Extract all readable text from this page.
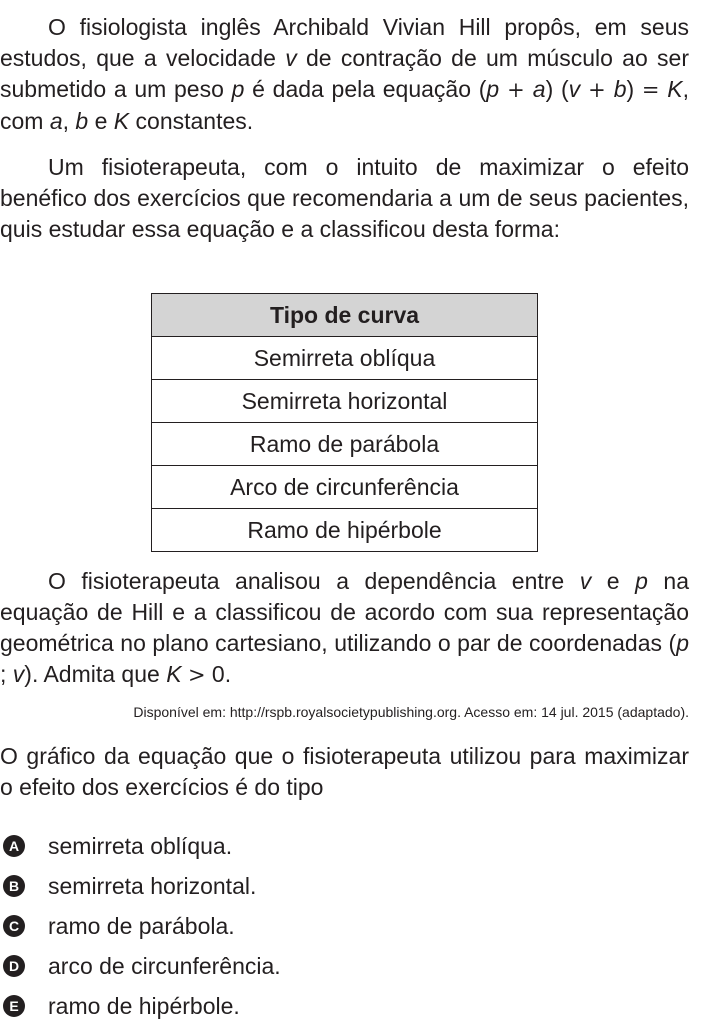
O fisiologista inglês Archibald Vivian Hill propôs, em seus estudos, que a velocidade v de contração de um músculo ao ser submetido a um peso p é dada pela equação (p + a) (v + b) = K, com a, b e K constantes.

Um fisioterapeuta, com o intuito de maximizar o efeito benéfico dos exercícios que recomendaria a um de seus pacientes, quis estudar essa equação e a classificou desta forma:

Tipo de curva
Semirreta oblíqua
Semirreta horizontal
Ramo de parábola
Arco de circunferência
Ramo de hipérbole

O fisioterapeuta analisou a dependência entre v e p na equação de Hill e a classificou de acordo com sua representação geométrica no plano cartesiano, utilizando o par de coordenadas (p ; v). Admita que K > 0.

Disponível em: http://rspb.royalsocietypublishing.org. Acesso em: 14 jul. 2015 (adaptado).

O gráfico da equação que o fisioterapeuta utilizou para maximizar o efeito dos exercícios é do tipo

A semirreta oblíqua.
B semirreta horizontal.
C ramo de parábola.
D arco de circunferência.
E ramo de hipérbole.
